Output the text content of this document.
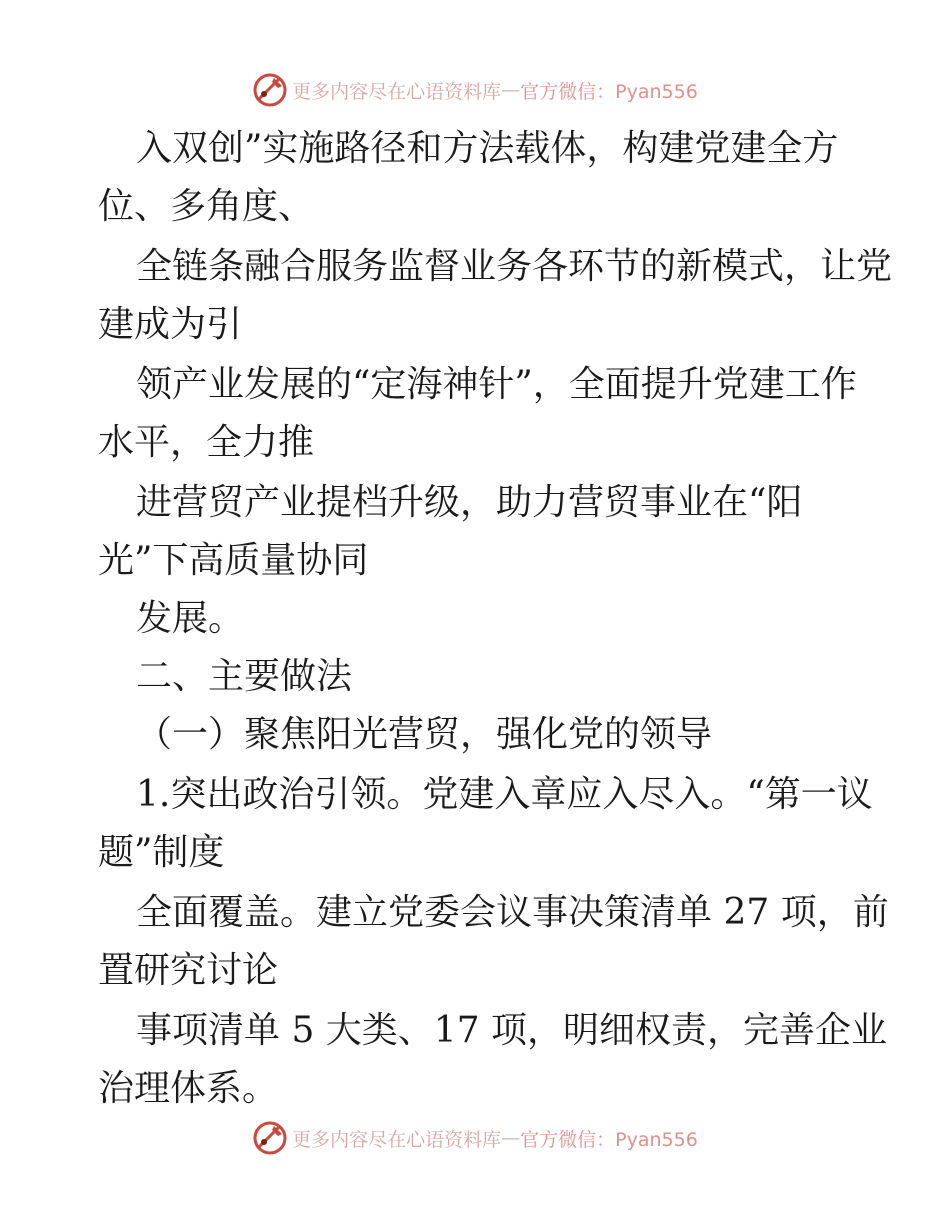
更多内容尽在心语资料库 — 官方微信：Pyan556
入双创”实施路径和方法载体，构建党建全方
位、多角度、
全链条融合服务监督业务各环节的新模式，让党
建成为引
领产业发展的“定海神针”，全面提升党建工作
水平，全力推
进营贸产业提档升级，助力营贸事业在“阳
光”下高质量协同
发展。
二、主要做法
（一）聚焦阳光营贸，强化党的领导
1.突出政治引领。党建入章应入尽入。“第一议
题”制度
全面覆盖。建立党委会议事决策清单 27 项，前
置研究讨论
事项清单 5 大类、17 项，明细权责，完善企业
治理体系。
更多内容尽在心语资料库 — 官方微信：Pyan556
